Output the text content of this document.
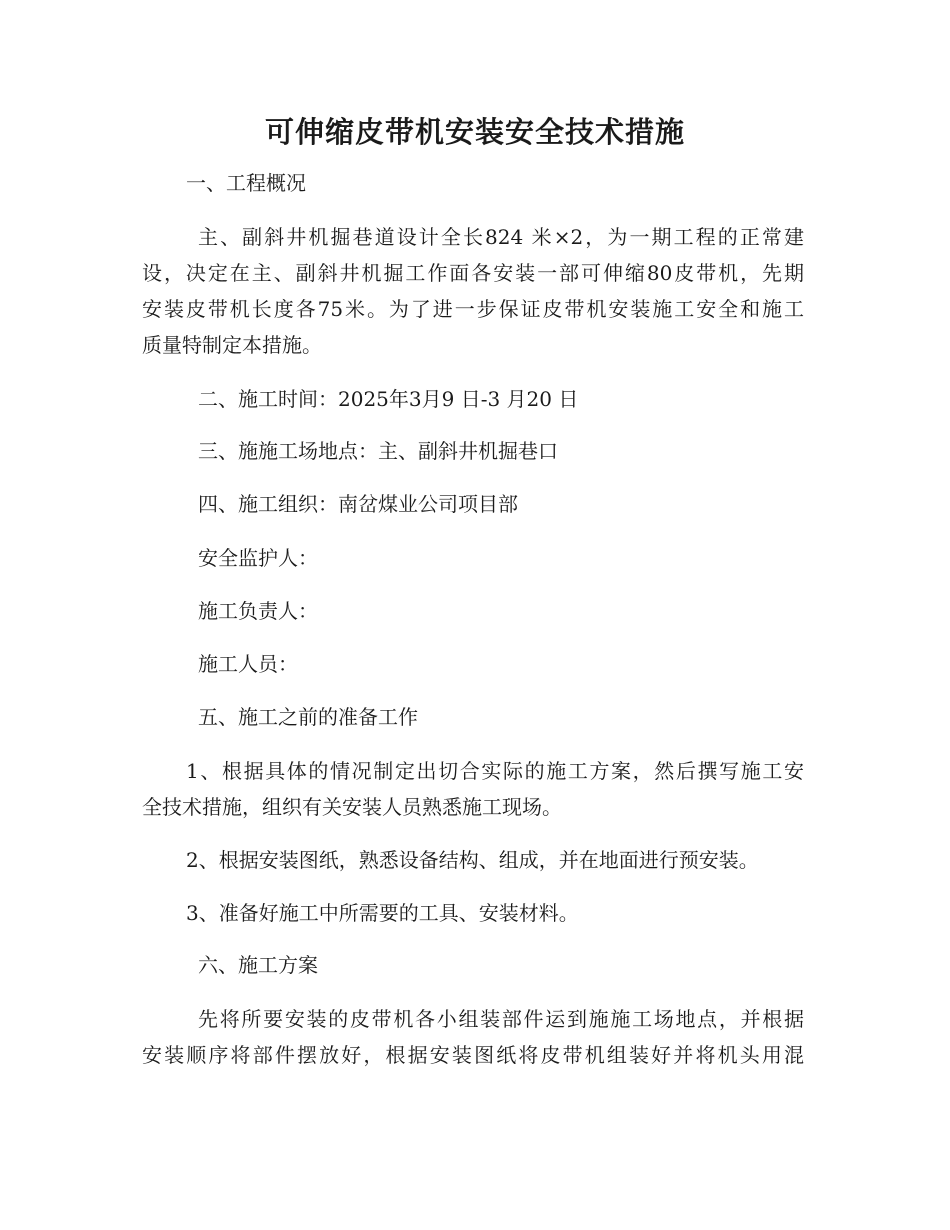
可伸缩皮带机安装安全技术措施

一、工程概况

主、副斜井机掘巷道设计全长824 米×2，为一期工程的正常建

设，决定在主、副斜井机掘工作面各安装一部可伸缩80皮带机，先期

安装皮带机长度各75米。为了进一步保证皮带机安装施工安全和施工

质量特制定本措施。

二、施工时间：2025年3月9 日-3 月20 日

三、施施工场地点：主、副斜井机掘巷口

四、施工组织：南岔煤业公司项目部

安全监护人：

施工负责人：

施工人员：

五、施工之前的准备工作

1、根据具体的情况制定出切合实际的施工方案，然后撰写施工安

全技术措施，组织有关安装人员熟悉施工现场。

2、根据安装图纸，熟悉设备结构、组成，并在地面进行预安装。

3、准备好施工中所需要的工具、安装材料。

六、施工方案

先将所要安装的皮带机各小组装部件运到施施工场地点，并根据

安装顺序将部件摆放好，根据安装图纸将皮带机组装好并将机头用混
